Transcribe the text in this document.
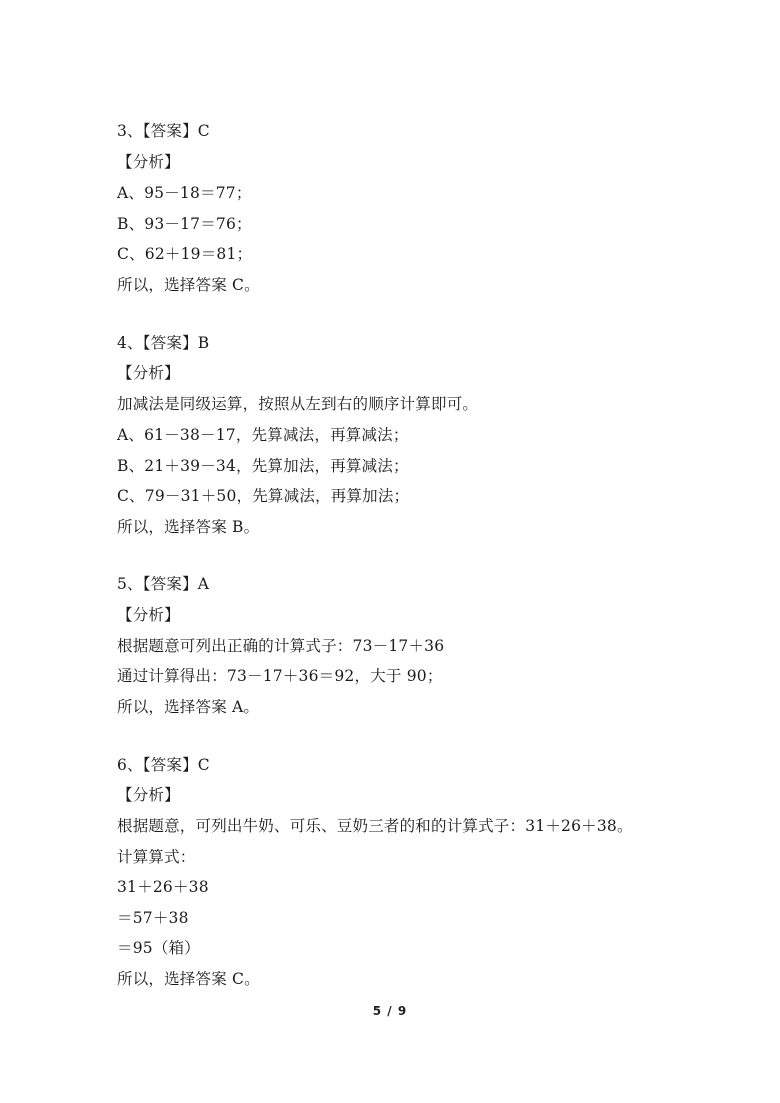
3、【答案】C
【分析】
A、95－18＝77；
B、93－17＝76；
C、62＋19＝81；
所以，选择答案 C。
4、【答案】B
【分析】
加减法是同级运算，按照从左到右的顺序计算即可。
A、61－38－17，先算减法，再算减法；
B、21＋39－34，先算加法，再算减法；
C、79－31＋50，先算减法，再算加法；
所以，选择答案 B。
5、【答案】A
【分析】
根据题意可列出正确的计算式子：73－17＋36
通过计算得出：73－17＋36＝92，大于 90；
所以，选择答案 A。
6、【答案】C
【分析】
根据题意，可列出牛奶、可乐、豆奶三者的和的计算式子：31＋26＋38。
计算算式：
31＋26＋38
＝57＋38
＝95（箱）
所以，选择答案 C。
5 / 9
